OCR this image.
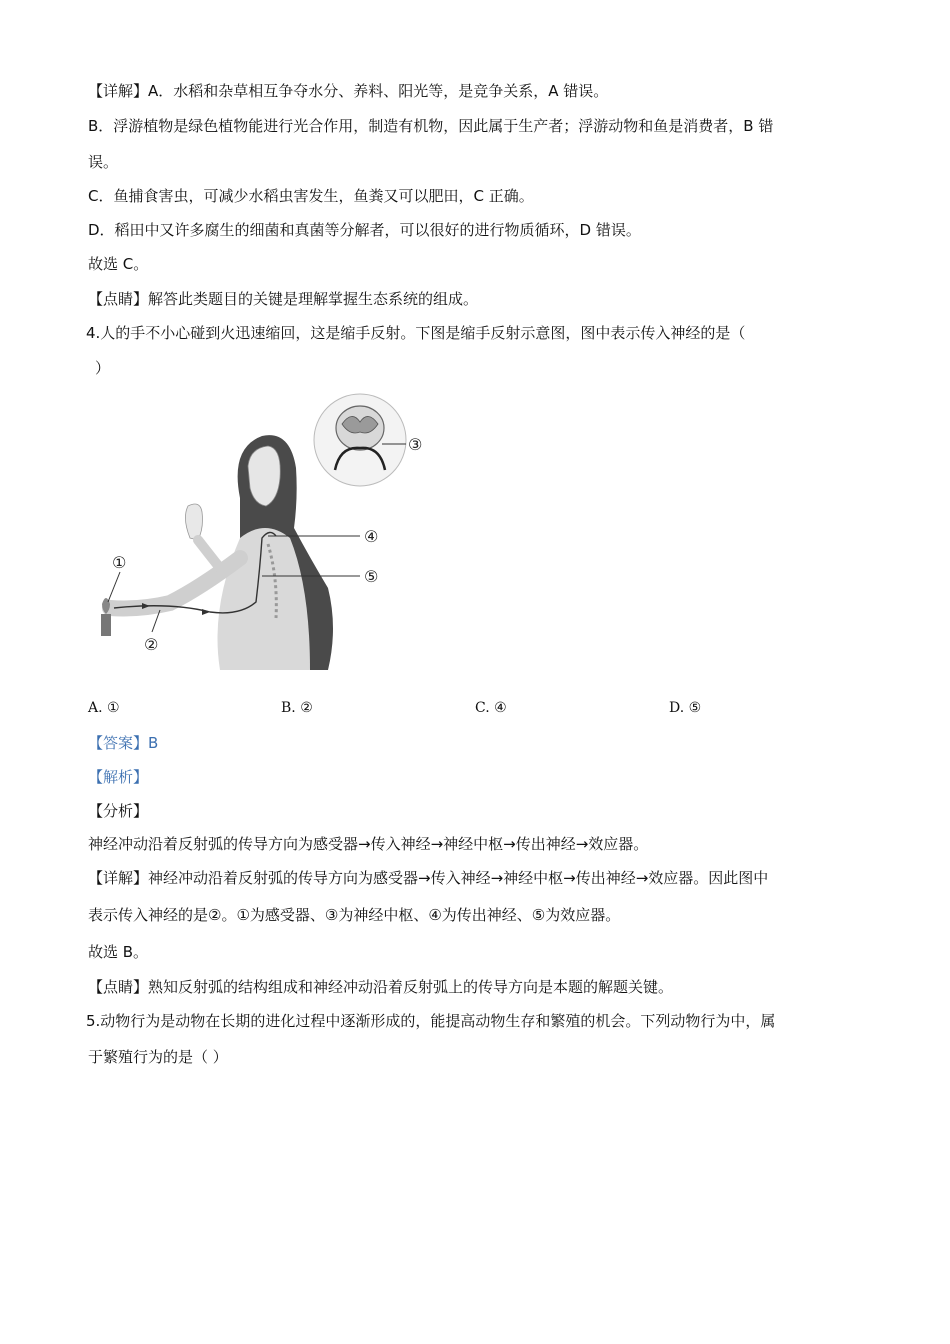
【详解】A．水稻和杂草相互争夺水分、养料、阳光等，是竞争关系，A 错误。
B．浮游植物是绿色植物能进行光合作用，制造有机物，因此属于生产者；浮游动物和鱼是消费者，B 错
误。
C．鱼捕食害虫，可减少水稻虫害发生，鱼粪又可以肥田，C 正确。
D．稻田中又许多腐生的细菌和真菌等分解者，可以很好的进行物质循环，D 错误。
故选 C。
【点睛】解答此类题目的关键是理解掌握生态系统的组成。
4.人的手不小心碰到火迅速缩回，这是缩手反射。下图是缩手反射示意图，图中表示传入神经的是（
）
①
②
③
④
⑤
A. ①	B. ②	C. ④	D. ⑤
【答案】B
【解析】
【分析】
神经冲动沿着反射弧的传导方向为感受器→传入神经→神经中枢→传出神经→效应器。
【详解】神经冲动沿着反射弧的传导方向为感受器→传入神经→神经中枢→传出神经→效应器。因此图中
表示传入神经的是②。①为感受器、③为神经中枢、④为传出神经、⑤为效应器。
故选 B。
【点睛】熟知反射弧的结构组成和神经冲动沿着反射弧上的传导方向是本题的解题关键。
5.动物行为是动物在长期的进化过程中逐渐形成的，能提高动物生存和繁殖的机会。下列动物行为中，属
于繁殖行为的是（ ）
